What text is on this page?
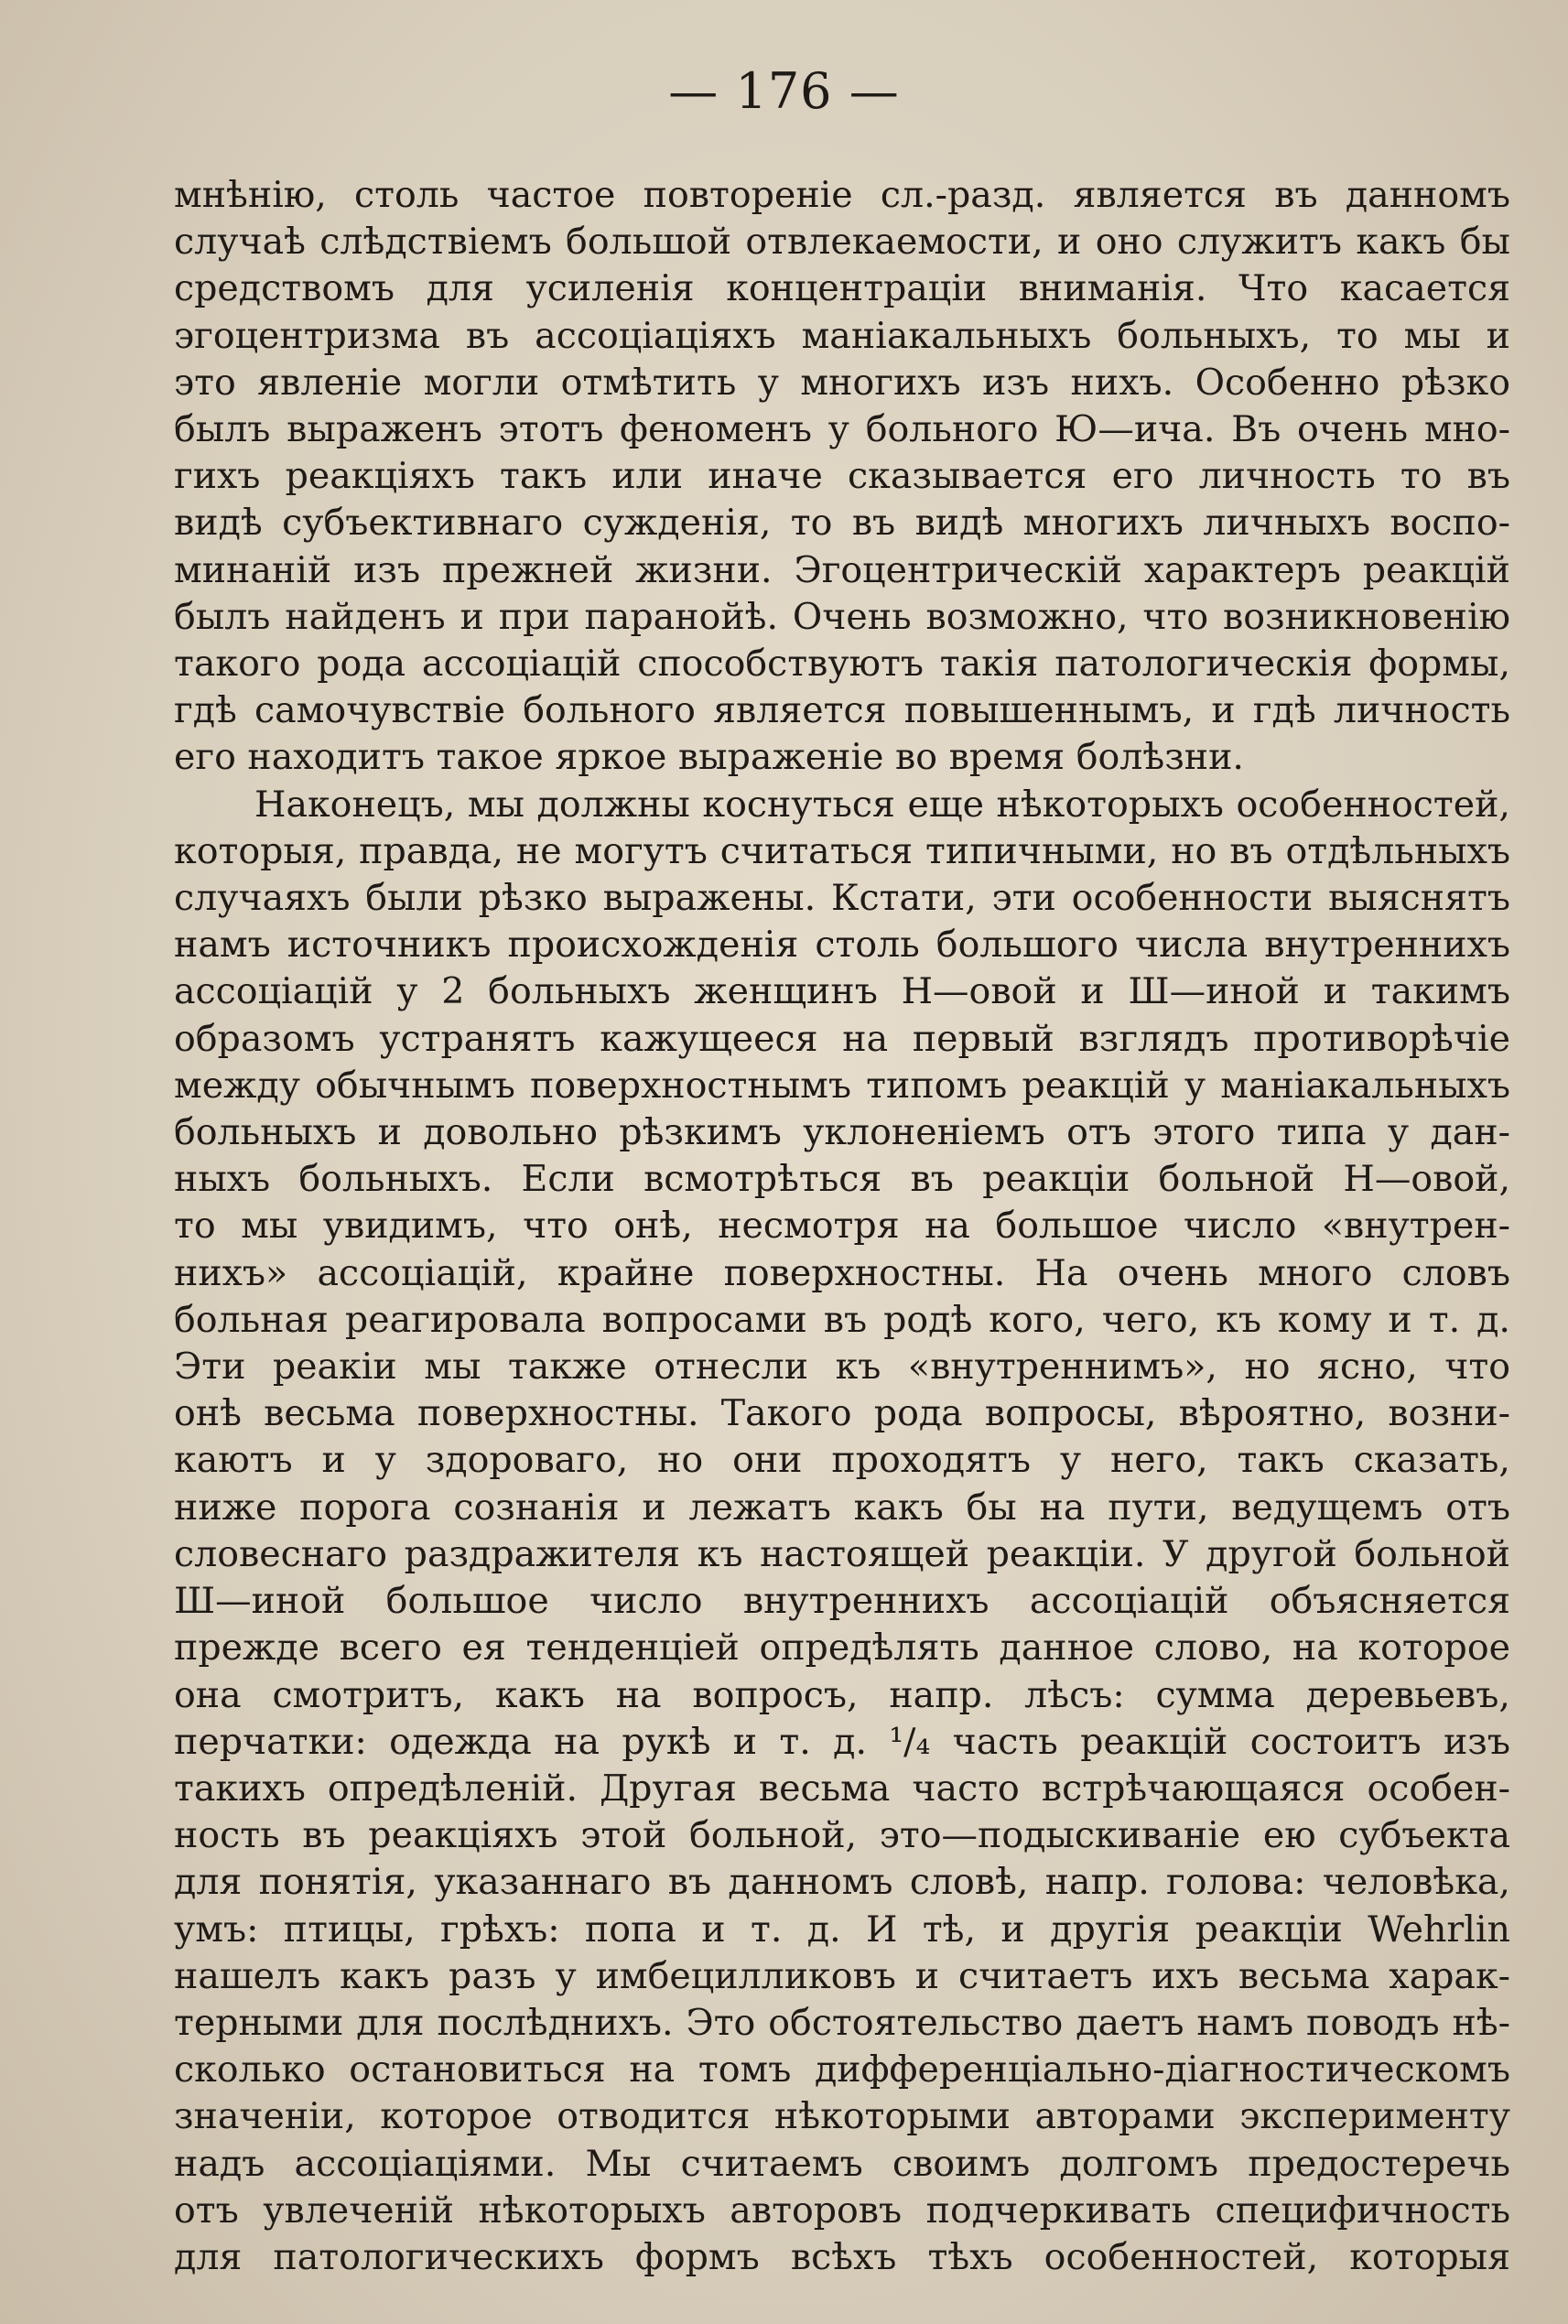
— 176 —
мнѣнію, столь частое повтореніе сл.-разд. является въ данномъ
случаѣ слѣдствіемъ большой отвлекаемости, и оно служитъ какъ бы
средствомъ для усиленія концентраціи вниманія. Что касается
эгоцентризма въ ассоціаціяхъ маніакальныхъ больныхъ, то мы и
это явленіе могли отмѣтить у многихъ изъ нихъ. Особенно рѣзко
былъ выраженъ этотъ феноменъ у больного Ю—ича. Въ очень мно-
гихъ реакціяхъ такъ или иначе сказывается его личность то въ
видѣ субъективнаго сужденія, то въ видѣ многихъ личныхъ воспо-
минаній изъ прежней жизни. Эгоцентрическій характеръ реакцій
былъ найденъ и при паранойѣ. Очень возможно, что возникновенію
такого рода ассоціацій способствуютъ такія патологическія формы,
гдѣ самочувствіе больного является повышеннымъ, и гдѣ личность
его находитъ такое яркое выраженіе во время болѣзни.
Наконецъ, мы должны коснуться еще нѣкоторыхъ особенностей,
которыя, правда, не могутъ считаться типичными, но въ отдѣльныхъ
случаяхъ были рѣзко выражены. Кстати, эти особенности выяснятъ
намъ источникъ происхожденія столь большого числа внутреннихъ
ассоціацій у 2 больныхъ женщинъ Н—овой и Ш—иной и такимъ
образомъ устранятъ кажущееся на первый взглядъ противорѣчіе
между обычнымъ поверхностнымъ типомъ реакцій у маніакальныхъ
больныхъ и довольно рѣзкимъ уклоненіемъ отъ этого типа у дан-
ныхъ больныхъ. Если всмотрѣться въ реакціи больной Н—овой,
то мы увидимъ, что онѣ, несмотря на большое число «внутрен-
нихъ» ассоціацій, крайне поверхностны. На очень много словъ
больная реагировала вопросами въ родѣ кого, чего, къ кому и т. д.
Эти реакіи мы также отнесли къ «внутреннимъ», но ясно, что
онѣ весьма поверхностны. Такого рода вопросы, вѣроятно, возни-
каютъ и у здороваго, но они проходятъ у него, такъ сказать,
ниже порога сознанія и лежатъ какъ бы на пути, ведущемъ отъ
словеснаго раздражителя къ настоящей реакціи. У другой больной
Ш—иной большое число внутреннихъ ассоціацій объясняется
прежде всего ея тенденціей опредѣлять данное слово, на которое
она смотритъ, какъ на вопросъ, напр. лѣсъ: сумма деревьевъ,
перчатки: одежда на рукѣ и т. д. ¹/₄ часть реакцій состоитъ изъ
такихъ опредѣленій. Другая весьма часто встрѣчающаяся особен-
ность въ реакціяхъ этой больной, это—подыскиваніе ею субъекта
для понятія, указаннаго въ данномъ словѣ, напр. голова: человѣка,
умъ: птицы, грѣхъ: попа и т. д. И тѣ, и другія реакціи Wehrlin
нашелъ какъ разъ у имбецилликовъ и считаетъ ихъ весьма харак-
терными для послѣднихъ. Это обстоятельство даетъ намъ поводъ нѣ-
сколько остановиться на томъ дифференціально-діагностическомъ
значеніи, которое отводится нѣкоторыми авторами эксперименту
надъ ассоціаціями. Мы считаемъ своимъ долгомъ предостеречь
отъ увлеченій нѣкоторыхъ авторовъ подчеркивать специфичность
для патологическихъ формъ всѣхъ тѣхъ особенностей, которыя
